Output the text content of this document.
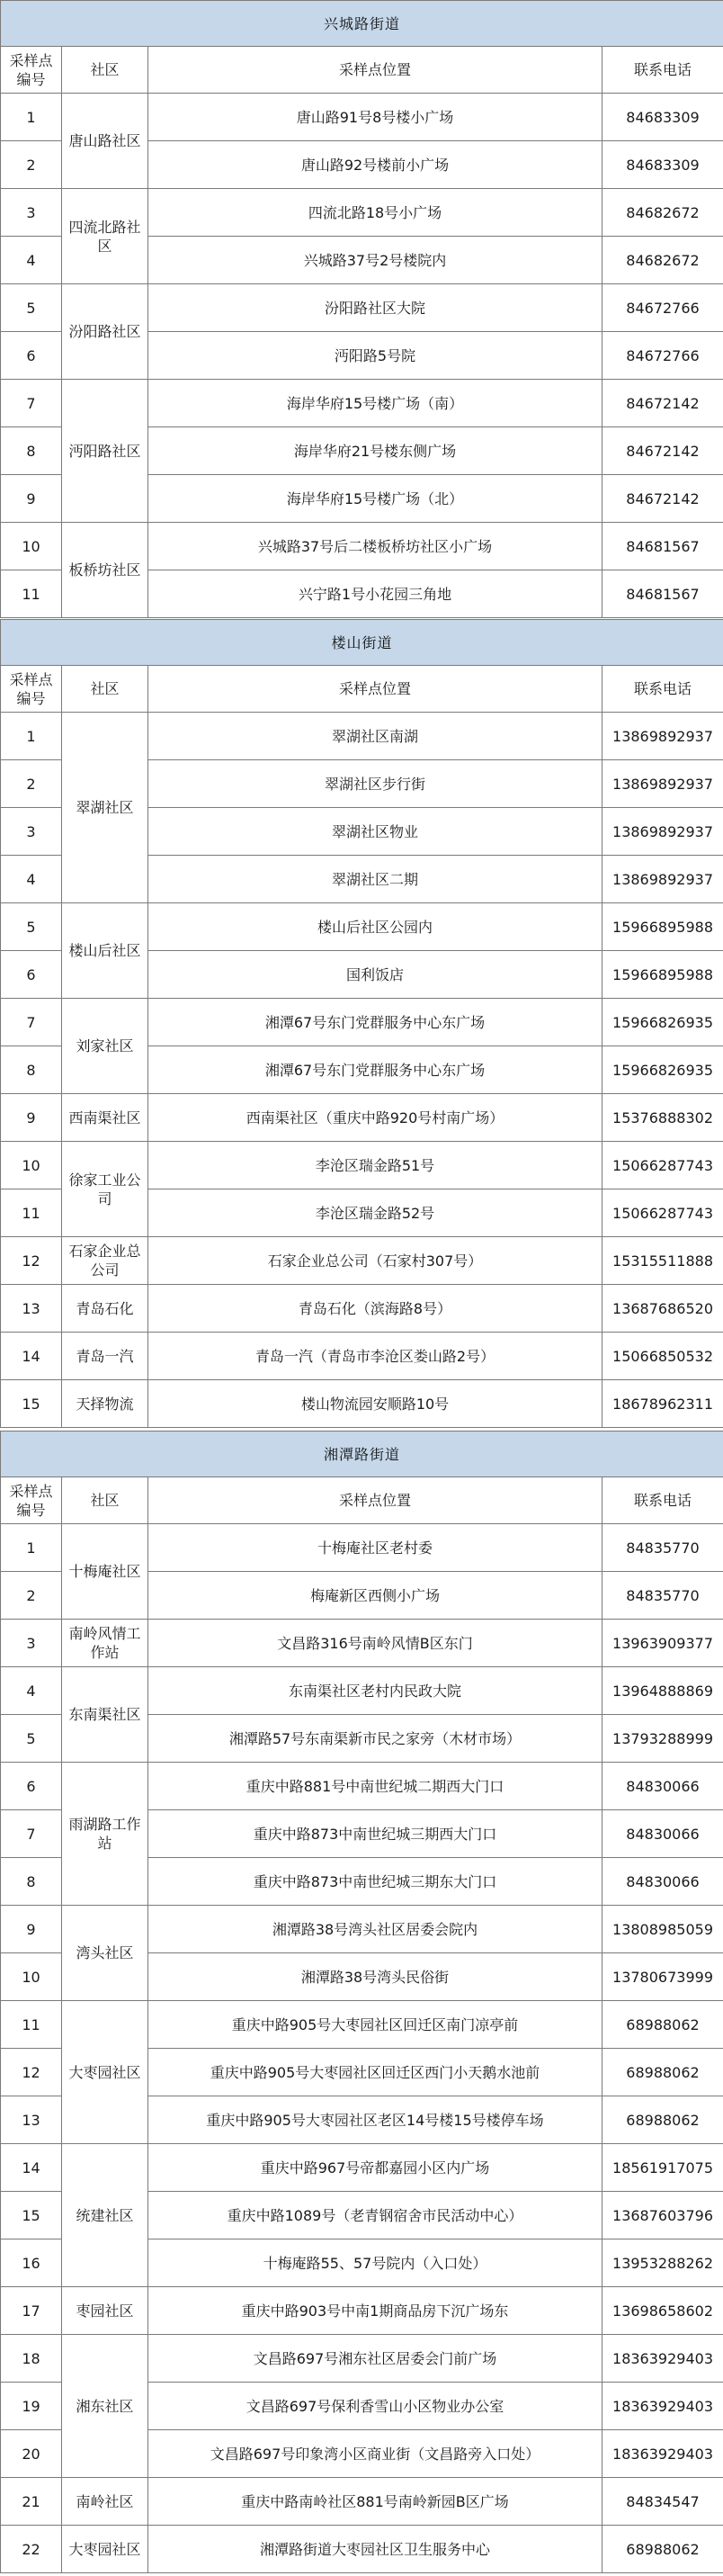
兴城路街道			
采样点编号	社区	采样点位置	联系电话
1	唐山路社区	唐山路91号8号楼小广场	84683309
2		唐山路92号楼前小广场	84683309
3	四流北路社区	四流北路18号小广场	84682672
4		兴城路37号2号楼院内	84682672
5	汾阳路社区	汾阳路社区大院	84672766
6		沔阳路5号院	84672766
7	沔阳路社区	海岸华府15号楼广场（南）	84672142
8		海岸华府21号楼东侧广场	84672142
9		海岸华府15号楼广场（北）	84672142
10	板桥坊社区	兴城路37号后二楼板桥坊社区小广场	84681567
11		兴宁路1号小花园三角地	84681567
楼山街道			
采样点编号	社区	采样点位置	联系电话
1	翠湖社区	翠湖社区南湖	13869892937
2		翠湖社区步行街	13869892937
3		翠湖社区物业	13869892937
4		翠湖社区二期	13869892937
5	楼山后社区	楼山后社区公园内	15966895988
6		国利饭店	15966895988
7	刘家社区	湘潭67号东门党群服务中心东广场	15966826935
8		湘潭67号东门党群服务中心东广场	15966826935
9	西南渠社区	西南渠社区（重庆中路920号村南广场）	15376888302
10	徐家工业公司	李沧区瑞金路51号	15066287743
11		李沧区瑞金路52号	15066287743
12	石家企业总公司	石家企业总公司（石家村307号）	15315511888
13	青岛石化	青岛石化（滨海路8号）	13687686520
14	青岛一汽	青岛一汽（青岛市李沧区娄山路2号）	15066850532
15	天择物流	楼山物流园安顺路10号	18678962311
湘潭路街道			
采样点编号	社区	采样点位置	联系电话
1	十梅庵社区	十梅庵社区老村委	84835770
2		梅庵新区西侧小广场	84835770
3	南岭风情工作站	文昌路316号南岭风情B区东门	13963909377
4	东南渠社区	东南渠社区老村内民政大院	13964888869
5		湘潭路57号东南渠新市民之家旁（木材市场）	13793288999
6	雨湖路工作站	重庆中路881号中南世纪城二期西大门口	84830066
7		重庆中路873中南世纪城三期西大门口	84830066
8		重庆中路873中南世纪城三期东大门口	84830066
9	湾头社区	湘潭路38号湾头社区居委会院内	13808985059
10		湘潭路38号湾头民俗街	13780673999
11	大枣园社区	重庆中路905号大枣园社区回迁区南门凉亭前	68988062
12		重庆中路905号大枣园社区回迁区西门小天鹅水池前	68988062
13		重庆中路905号大枣园社区老区14号楼15号楼停车场	68988062
14	统建社区	重庆中路967号帝都嘉园小区内广场	18561917075
15		重庆中路1089号（老青钢宿舍市民活动中心）	13687603796
16		十梅庵路55、57号院内（入口处）	13953288262
17	枣园社区	重庆中路903号中南1期商品房下沉广场东	13698658602
18	湘东社区	文昌路697号湘东社区居委会门前广场	18363929403
19		文昌路697号保利香雪山小区物业办公室	18363929403
20		文昌路697号印象湾小区商业街（文昌路旁入口处）	18363929403
21	南岭社区	重庆中路南岭社区881号南岭新园B区广场	84834547
22	大枣园社区	湘潭路街道大枣园社区卫生服务中心	68988062
